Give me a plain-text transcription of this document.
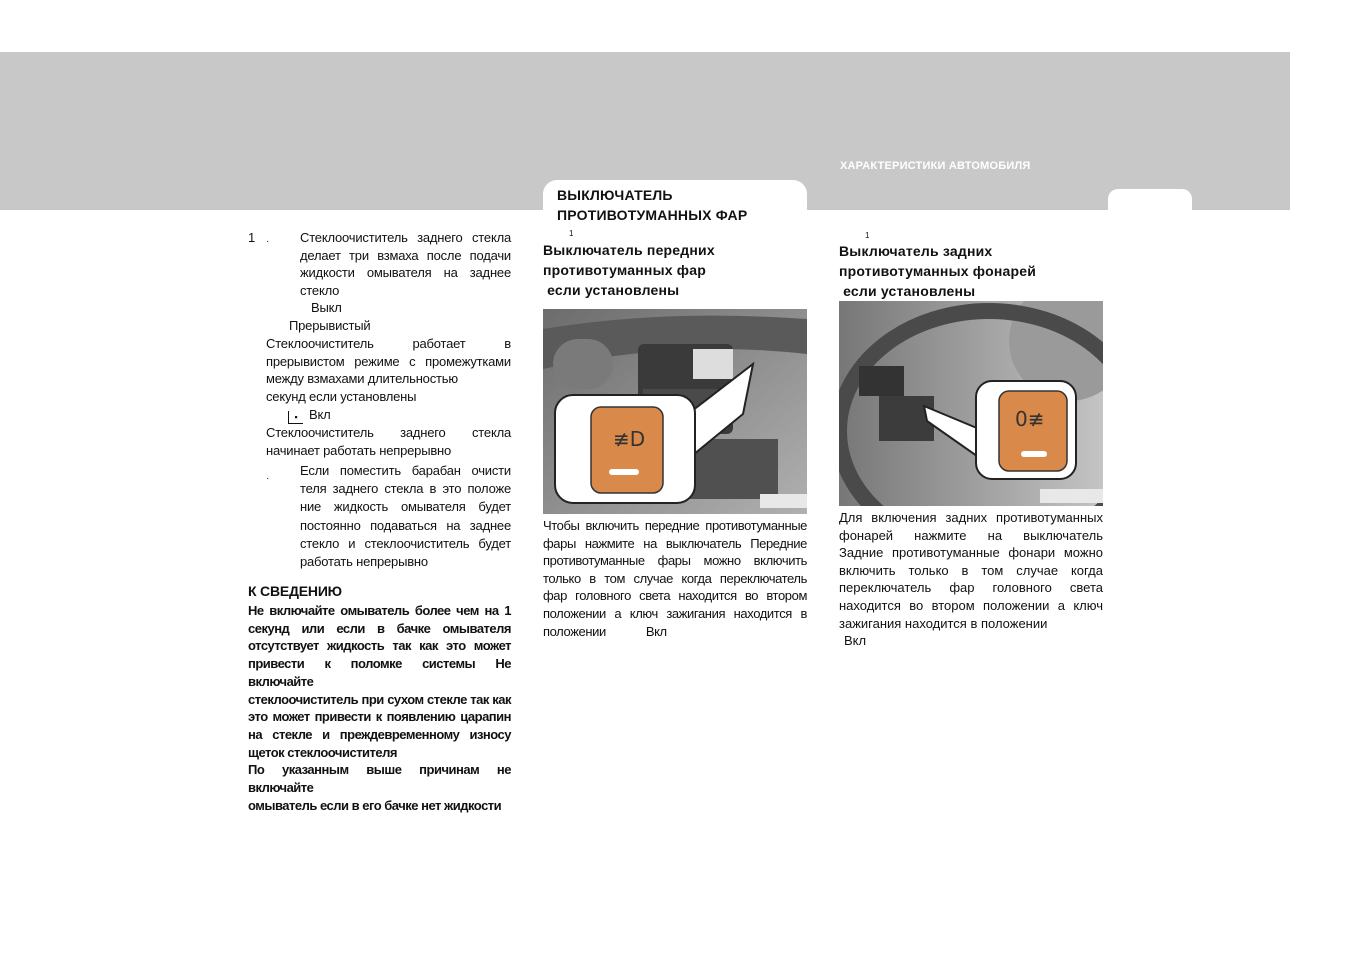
ХАРАКТЕРИСТИКИ АВТОМОБИЛЯ
1 · Стеклоочиститель заднего стекла
делает три взмаха после подачи
жидкости омывателя на заднее
стекло
Выкл
Прерывистый
Стеклоочиститель работает в
прерывистом режиме с промежутками
между взмахами длительностью
секунд если установлены
▪ Вкл
Стеклоочиститель заднего стекла
начинает работать непрерывно
·
Если поместить барабан очисти
теля заднего стекла в это положе
ние жидкость омывателя будет
постоянно подаваться на заднее
стекло и стеклоочиститель будет
работать непрерывно
К СВЕДЕНИЮ
Не включайте омыватель более чем на 1
секунд или если в бачке омывателя
отсутствует жидкость так как это может
привести к поломке системы Не включайте
стеклоочиститель при сухом стекле так как
это может привести к появлению царапин
на стекле и преждевременному износу
щеток стеклоочистителя
По указанным выше причинам не включайте
омыватель если в его бачке нет жидкости
ВЫКЛЮЧАТЕЛЬ
ПРОТИВОТУМАННЫХ ФАР
1
Выключатель передних
противотуманных фар
если установлены
≢D
Чтобы включить передние противотуманные
фары нажмите на выключатель Передние
противотуманные фары можно включить
только в том случае когда переключатель
фар головного света находится во втором
положении а ключ зажигания находится в
положении	Вкл
1
Выключатель задних
противотуманных фонарей
если установлены
0≢
Для включения задних противотуманных
фонарей нажмите на выключатель
Задние противотуманные фонари можно
включить только в том случае когда
переключатель фар головного света
находится во втором положении а ключ
зажигания находится в положении
Вкл
